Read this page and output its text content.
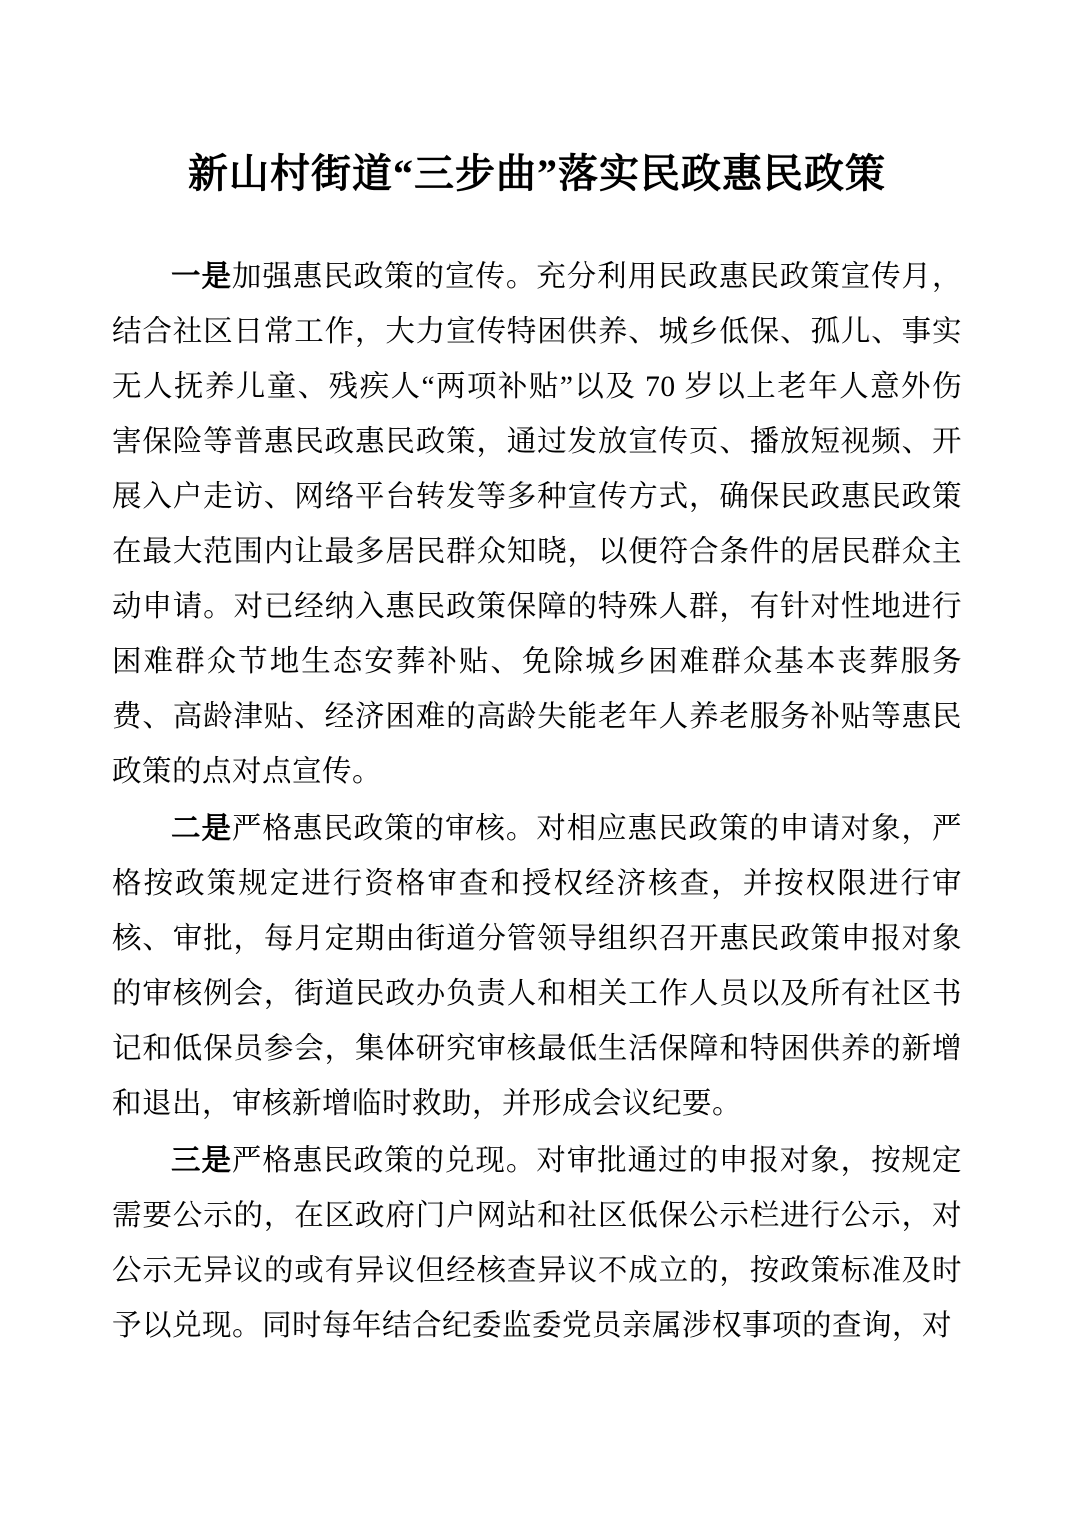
新山村街道“三步曲”落实民政惠民政策

一是加强惠民政策的宣传。充分利用民政惠民政策宣传月，结合社区日常工作，大力宣传特困供养、城乡低保、孤儿、事实无人抚养儿童、残疾人“两项补贴”以及 70 岁以上老年人意外伤害保险等普惠民政惠民政策，通过发放宣传页、播放短视频、开展入户走访、网络平台转发等多种宣传方式，确保民政惠民政策在最大范围内让最多居民群众知晓，以便符合条件的居民群众主动申请。对已经纳入惠民政策保障的特殊人群，有针对性地进行困难群众节地生态安葬补贴、免除城乡困难群众基本丧葬服务费、高龄津贴、经济困难的高龄失能老年人养老服务补贴等惠民政策的点对点宣传。

二是严格惠民政策的审核。对相应惠民政策的申请对象，严格按政策规定进行资格审查和授权经济核查，并按权限进行审核、审批，每月定期由街道分管领导组织召开惠民政策申报对象的审核例会，街道民政办负责人和相关工作人员以及所有社区书记和低保员参会，集体研究审核最低生活保障和特困供养的新增和退出，审核新增临时救助，并形成会议纪要。

三是严格惠民政策的兑现。对审批通过的申报对象，按规定需要公示的，在区政府门户网站和社区低保公示栏进行公示，对公示无异议的或有异议但经核查异议不成立的，按政策标准及时予以兑现。同时每年结合纪委监委党员亲属涉权事项的查询，对
